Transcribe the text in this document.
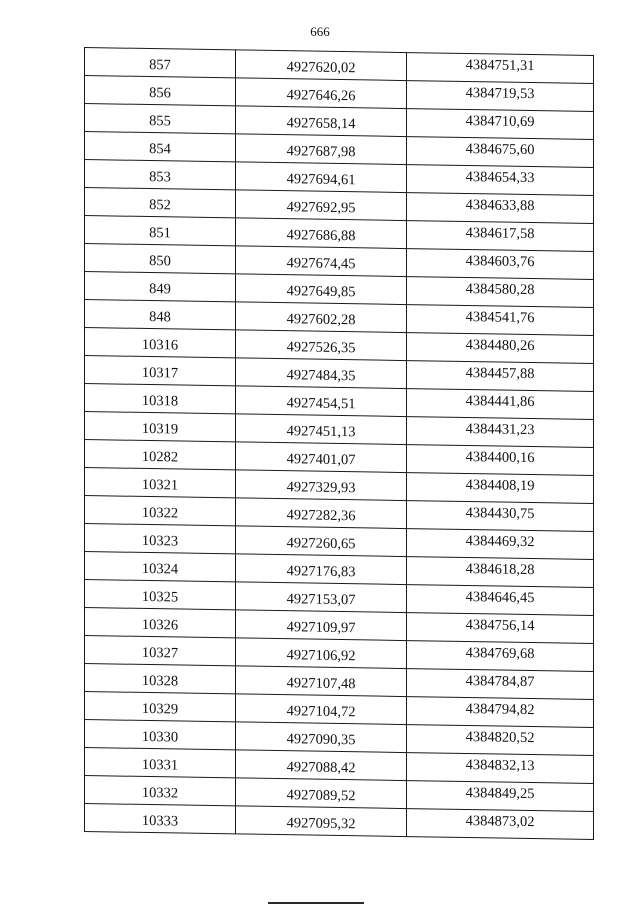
666
857	4927620,02	4384751,31
856	4927646,26	4384719,53
855	4927658,14	4384710,69
854	4927687,98	4384675,60
853	4927694,61	4384654,33
852	4927692,95	4384633,88
851	4927686,88	4384617,58
850	4927674,45	4384603,76
849	4927649,85	4384580,28
848	4927602,28	4384541,76
10316	4927526,35	4384480,26
10317	4927484,35	4384457,88
10318	4927454,51	4384441,86
10319	4927451,13	4384431,23
10282	4927401,07	4384400,16
10321	4927329,93	4384408,19
10322	4927282,36	4384430,75
10323	4927260,65	4384469,32
10324	4927176,83	4384618,28
10325	4927153,07	4384646,45
10326	4927109,97	4384756,14
10327	4927106,92	4384769,68
10328	4927107,48	4384784,87
10329	4927104,72	4384794,82
10330	4927090,35	4384820,52
10331	4927088,42	4384832,13
10332	4927089,52	4384849,25
10333	4927095,32	4384873,02
